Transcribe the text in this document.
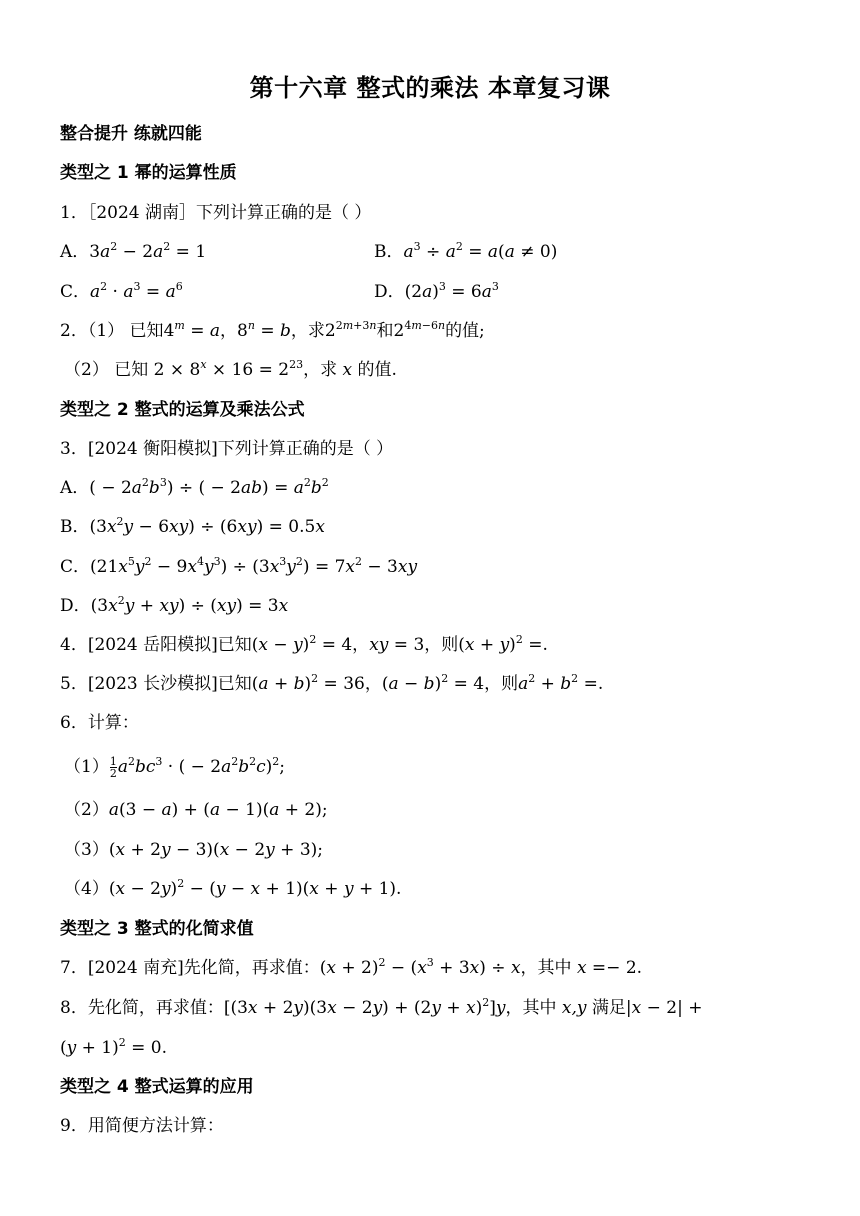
第十六章 整式的乘法 本章复习课
整合提升 练就四能
类型之 1 幂的运算性质
1．［2024 湖南］下列计算正确的是（ ）
A．$3a^2 - 2a^2 = 1$	B．$a^3 \div a^2 = a(a \ne 0)$
C．$a^2 \cdot a^3 = a^6$	D．$(2a)^3 = 6a^3$
2．（1） 已知$4^m = a$，$8^n = b$，求$2^{2m+3n}$和$2^{4m-6n}$的值;
（2） 已知 $2 \times 8^x \times 16 = 2^{23}$，求 x 的值.
类型之 2 整式的运算及乘法公式
3．[2024 衡阳模拟]下列计算正确的是（ ）
A．( − $2a^2b^3$) ÷ ( − $2ab) = a^2b^2$
B．$(3x^2y - 6xy) \div (6xy) = 0.5x$
C．$(21x^5y^2 - 9x^4y^3) \div (3x^3y^2) = 7x^2 - 3xy$
D．$(3x^2y + xy) \div (xy) = 3x$
4．[2024 岳阳模拟]已知$(x - y)^2 = 4$，xy = 3，则$(x + y)^2$ =.
5．[2023 长沙模拟]已知$(a + b)^2 = 36$，$(a - b)^2 = 4$，则$a^2 + b^2$ =.
6．计算：
$(1)\frac{1}{2} a^2bc^3$ · ( − $2a^2b^2c)^2$;
（2）a(3 − a) + (a − 1)(a + 2);
（3）(x + 2y − 3)(x − 2y + 3);
$(4)(x - 2y)^2 - (y - x + 1)(x + y + 1)$.
类型之 3 整式的化简求值
7．[2024 南充]先化简，再求值：$(x + 2)^2 - (x^3 + 3x) \div x$，其中 x =− 2.
8．先化简，再求值：$[(3x + 2y)(3x - 2y) + (2y + x)^2]y$，其中 x,y 满足|x − 2| +
$(y + 1)^2 = 0$.
类型之 4 整式运算的应用
9．用简便方法计算：
